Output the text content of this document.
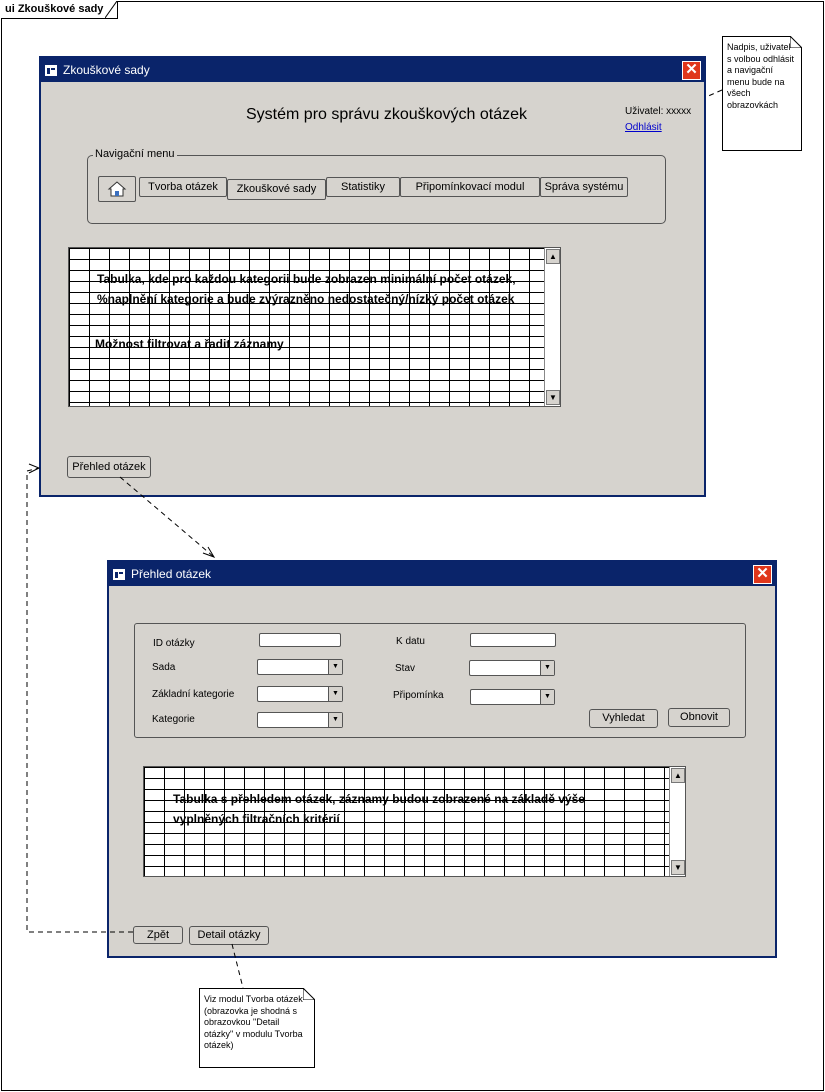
ui Zkouškové sady
Zkouškové sady	✕
Systém pro správu zkouškových otázek	Uživatel: xxxxx
Odhlásit
Navigační menu
Tvorba otázek	Zkouškové sady	Statistiky	Připomínkovací modul	Správa systému
▲
▼
Tabulka, kde pro každou kategorii bude zobrazen minimální počet otázek, %naplnění kategorie a bude zvýrazněno nedostatečný/nízký počet otázek
Možnost filtrovat a řadit záznamy
Přehled otázek
Nadpis, uživatel s volbou odhlásit a navigační menu bude na všech obrazovkách
Přehled otázek	✕
ID otázky	K datu
Sada	▼	Stav	▼
Základní kategorie	▼	Připomínka	▼
Kategorie	▼	Vyhledat	Obnovit
▲
▼
Tabulka s přehledem otázek, záznamy budou zobrazené na základě výše vyplněných filtračních kritérií
Zpět	Detail otázky
Viz modul Tvorba otázek (obrazovka je shodná s obrazovkou "Detail otázky" v modulu Tvorba otázek)
